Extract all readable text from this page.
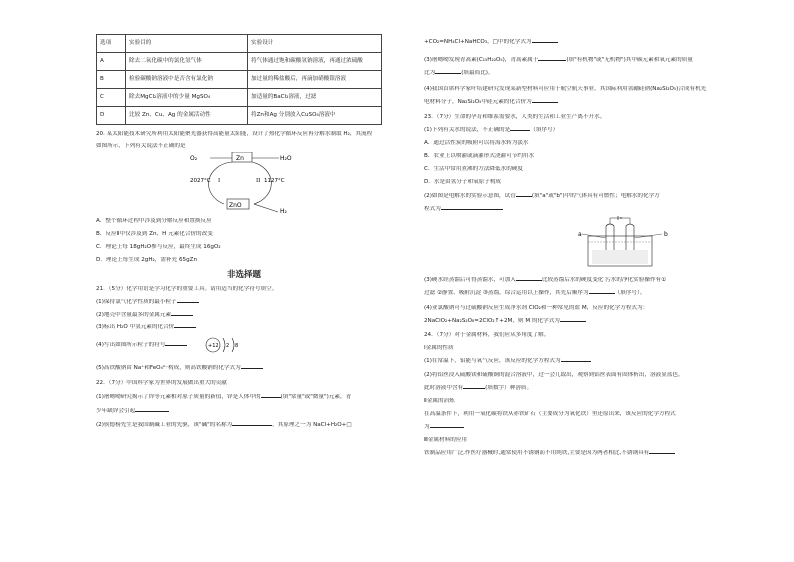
选项	实验目的	实验设计
A	除去二氧化碳中的氯化氢气体	将气体通过饱和碳酸氢钠溶液，再通过浓硫酸
B	检验碳酸钠溶液中是否含有氯化钠	加过量的稀盐酸后，再滴加硝酸银溶液
C	除去MgCl₂溶液中的少量 MgSO₄	加适量的BaCl₂溶液，过滤
D	比较 Zn、Cu、Ag 的金属活动性	将Zn和Ag 分别放入CuSO₄溶液中

20. 某太阳能技术研究所利用太阳能聚光器获得高能量太阳能，设计了热化学循环反应再分解水制取 H₂，其流程

如图所示，下列有关说法不正确的是

O₂	Zn	H₂O
2027°C I	II 1127°C
ZnO
H₂

A．整个循环过程中涉及到分解反应和置换反应

B．反应Ⅱ中仅涉及到 Zn、H 元素化合价的改变

C．理论上每 18gH₂O参与反应，最终生成 16gO₂

D．理论上每生成 2gH₂，需补充 65gZn

非选择题

21．（5分）化学用语是学习化学的重要工具。请用适当的化学符号填空。

(1)保持氯气化学性质的最小粒子

(2)地壳中含量最多的金属元素

(3)标出 H₂O 中氢元素的化合价

(4)写出如图所示粒子的符号	+12 2 8

(5)高铁酸钠由 Na⁺和FeO₄²⁻构成，则高铁酸钠的化学式为

22．（7分）中国科学家为世界的发展做出重大的贡献

(1)屠呦呦研究揭示了锌等元素相对原子质量的新值，锌是人体中的	(填"常量"或"微量")元素，青

少年缺锌会引起

(2)侯德榜先生是我国制碱工业的先驱，该"碱"的名称为	，其原理之一为 NaCl+H₂O+□

+CO₂=NH₄Cl+NaHCO₃，□中的化学式为

(3)屠呦呦发现青蒿素(C₁₅H₂₂O₅)，青蒿素属于	(填"有机物"或"无机物")其中碳元素和氧元素的质量

比为	(填最简比)。

(4)我国首席科学家叶培建研究发现某新型材料可应用于航空航天事业，其国际利用氢硼硅钠(Na₂Si₂O₅)合成有机光

电材料分子，Na₂Si₂O₅中硅元素的化合价为

23．（7分）生命的孕育和维系需要水，人类的生活和工业生产离不开水。

(1)下列有关水的说法，不正确的是	（填序号）

A．通过活性炭的吸附可以将海水转为淡水

B．农业上以喷灌或滴灌形式浇灌可节约用水

C．生活中常用煮沸的方法降低水的硬度

D．水是由氢分子和氧原子构成

(2)如图是电解水的实验示意图，试管	(填"a"或"b")中的气体具有可燃性；电解水的化学方

程式为

a	b

(3)硬水经蒸馏后可得蒸馏水，可加入	比较蒸馏后水的硬度变化 污水的净化实验操作有①

过滤 ②静置、吸附沉淀 ③蒸馏，综合运用以上操作，其先后顺序为	（填序号）。

(4)亚氯酸钠可与过硫酸钠反应生成净水剂 ClO₂和一种常见的盐 M，反应的化学方程式为：

2NaClO₂+Na₂S₂O₈=2ClO₂↑+2M，则 M 的化学式为

24．（7分）对于金属材料，我们应从多角度了解。

Ⅰ金属的性质

(1)在常温下，铝能与氧气反应，该反应的化学方程式为

(2)将铝丝浸入硫酸镁和硫酸铜的混合溶液中，过一会儿取出，观察到铝丝表面有固体析出，溶液显蓝色。

此时溶液中含有	(填数字）种溶质。

Ⅱ金属的冶炼

在高温条件下，利用一氧化碳将铁从赤铁矿石（主要成分为氧化铁）里还原出来，该反应的化学方程式

为

Ⅲ金属材料的应用

铁制品应用广泛,作医疗器械时,通常使用不锈钢而不用纯铁,主要是因为两者相比,不锈钢具有
